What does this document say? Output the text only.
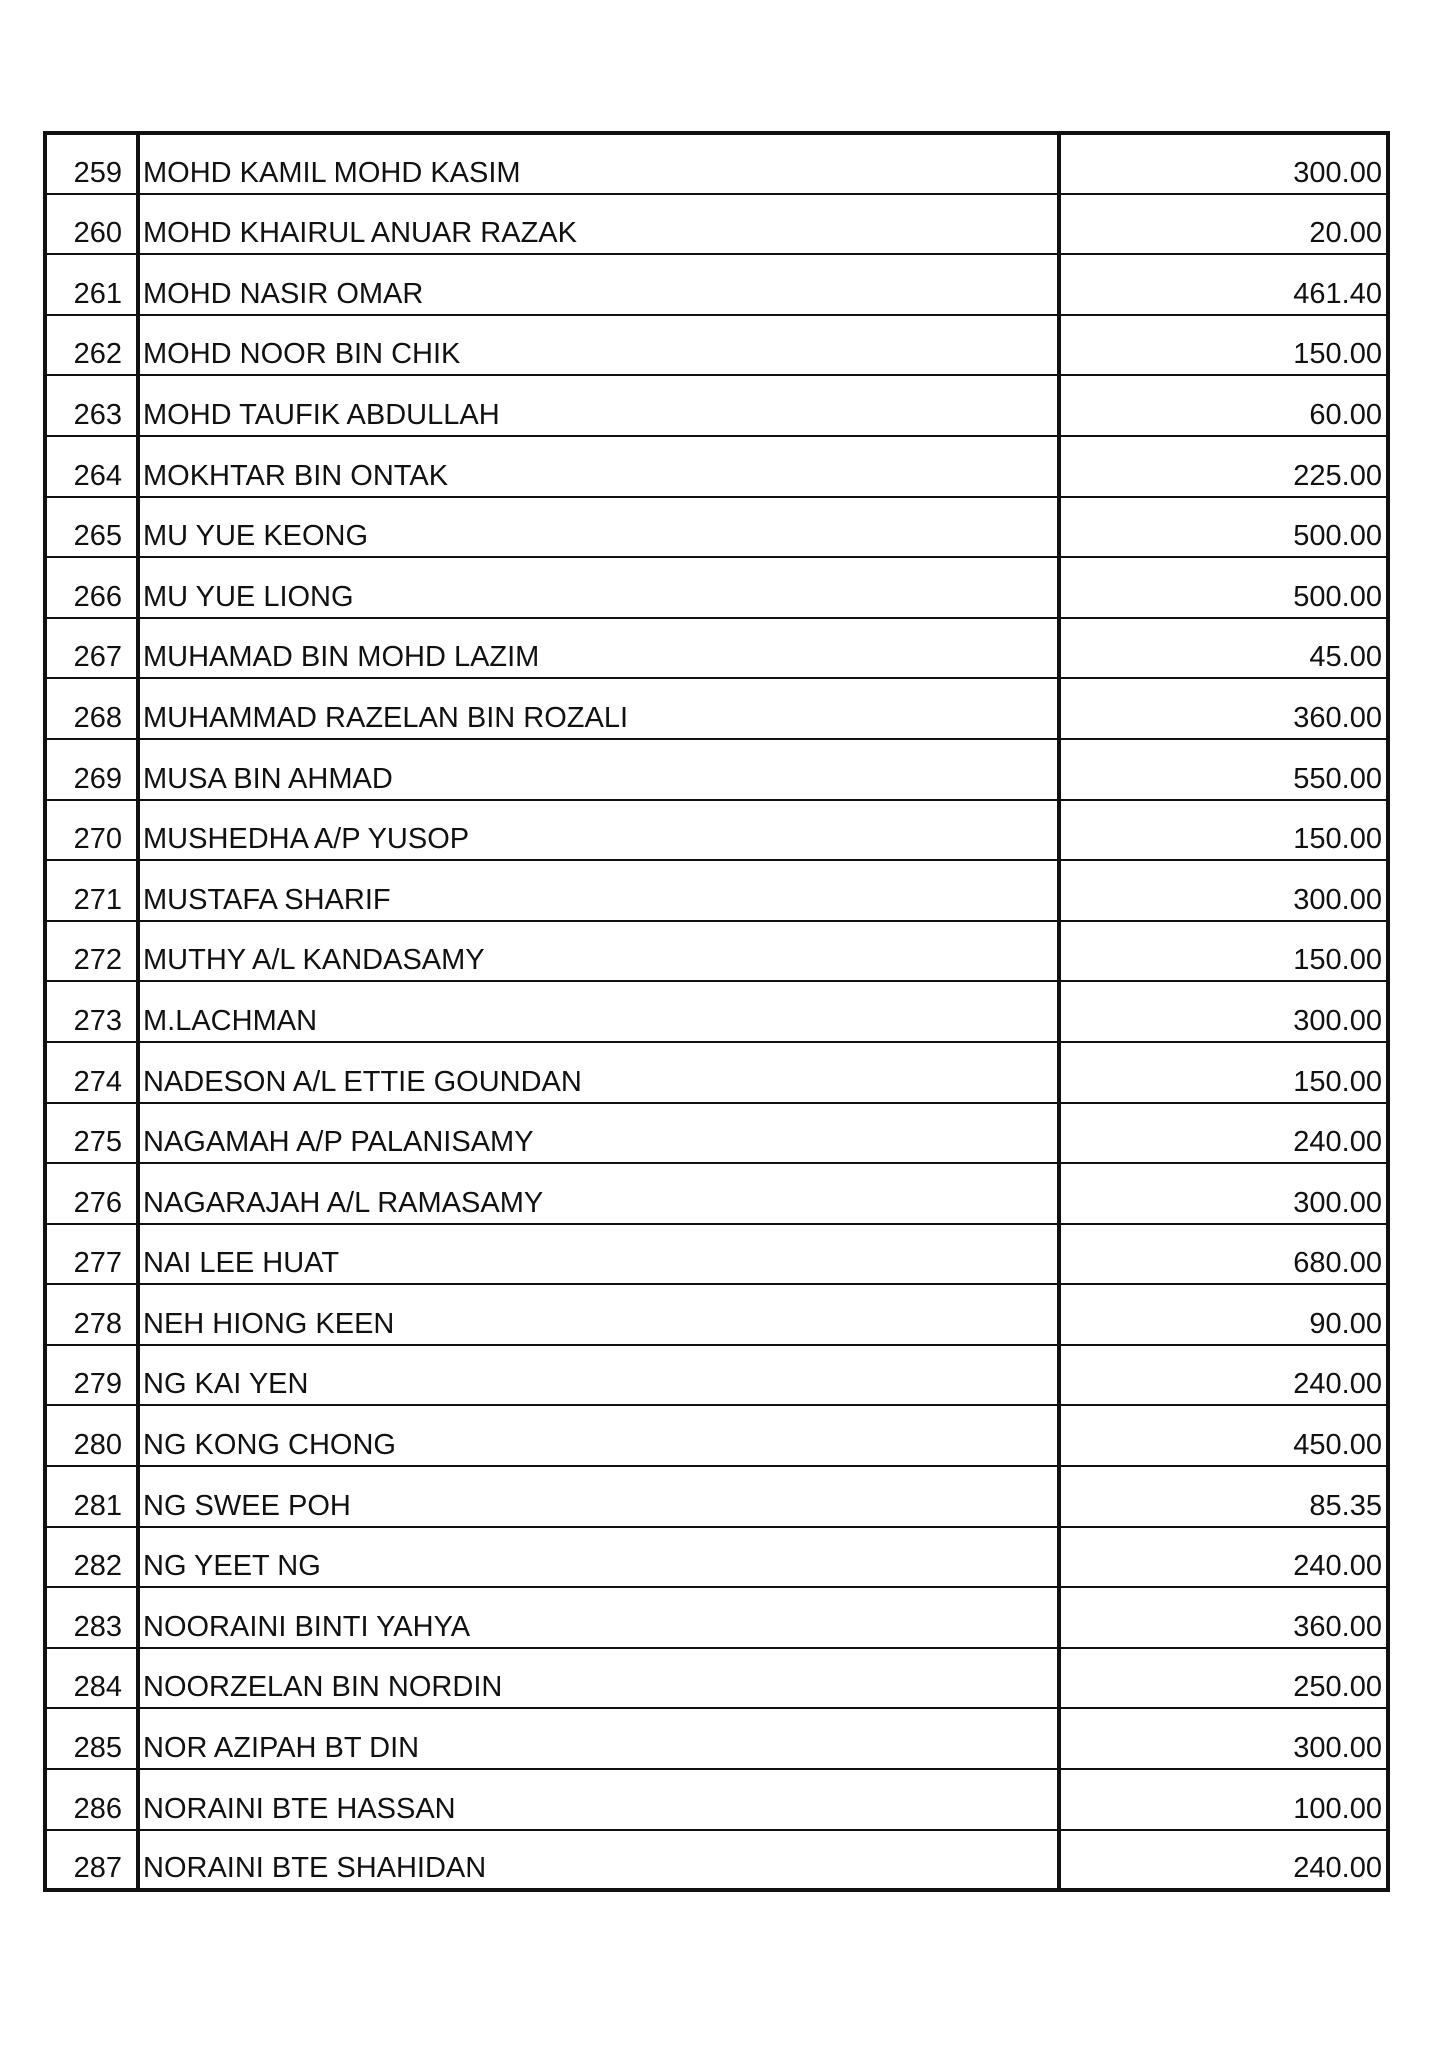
259	MOHD KAMIL MOHD KASIM	300.00
260	MOHD KHAIRUL ANUAR RAZAK	20.00
261	MOHD NASIR OMAR	461.40
262	MOHD NOOR BIN CHIK	150.00
263	MOHD TAUFIK ABDULLAH	60.00
264	MOKHTAR BIN ONTAK	225.00
265	MU YUE KEONG	500.00
266	MU YUE LIONG	500.00
267	MUHAMAD BIN MOHD LAZIM	45.00
268	MUHAMMAD RAZELAN BIN ROZALI	360.00
269	MUSA BIN AHMAD	550.00
270	MUSHEDHA A/P YUSOP	150.00
271	MUSTAFA SHARIF	300.00
272	MUTHY A/L KANDASAMY	150.00
273	M.LACHMAN	300.00
274	NADESON A/L ETTIE GOUNDAN	150.00
275	NAGAMAH A/P PALANISAMY	240.00
276	NAGARAJAH A/L RAMASAMY	300.00
277	NAI LEE HUAT	680.00
278	NEH HIONG KEEN	90.00
279	NG KAI YEN	240.00
280	NG KONG CHONG	450.00
281	NG SWEE POH	85.35
282	NG YEET NG	240.00
283	NOORAINI BINTI YAHYA	360.00
284	NOORZELAN BIN NORDIN	250.00
285	NOR AZIPAH BT DIN	300.00
286	NORAINI BTE HASSAN	100.00
287	NORAINI BTE SHAHIDAN	240.00
